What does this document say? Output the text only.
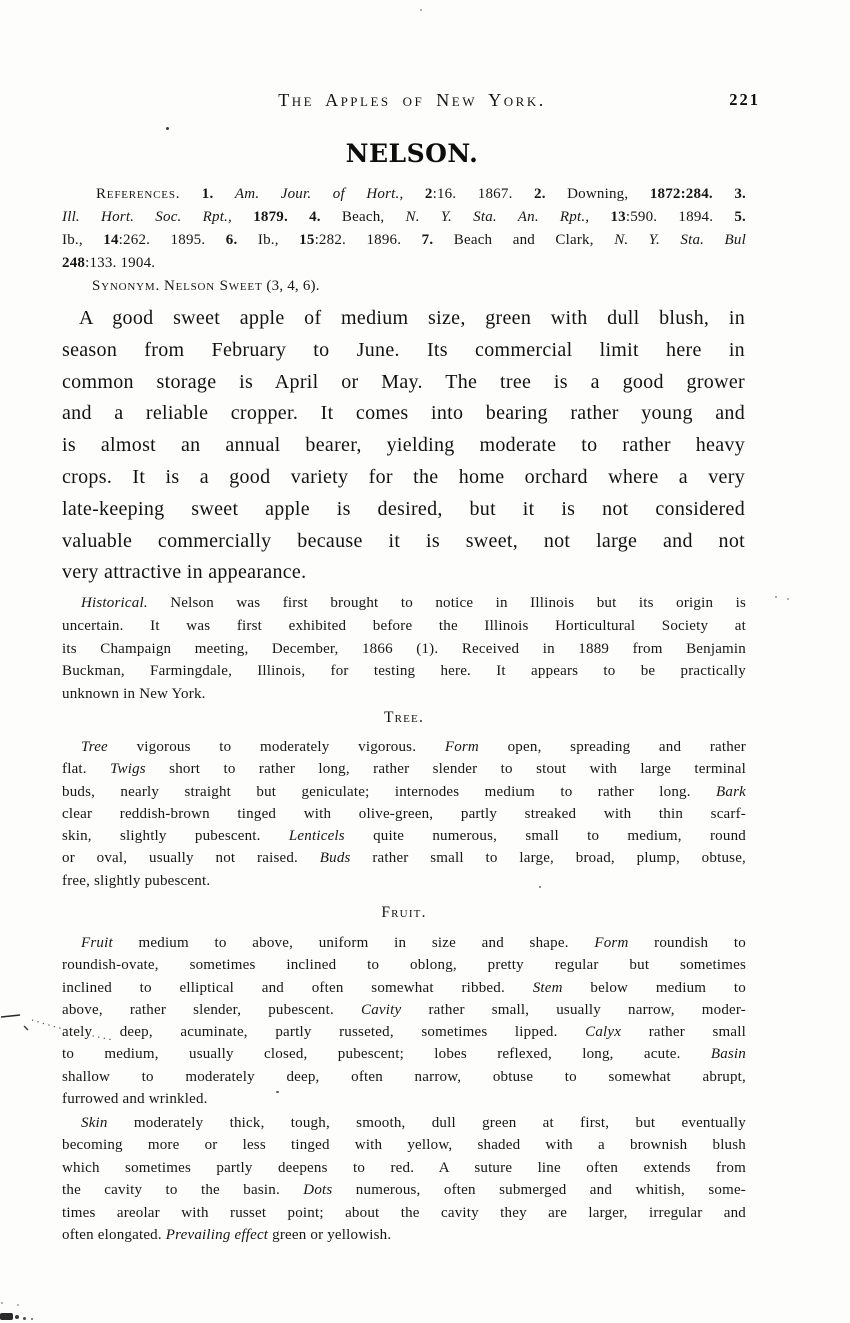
The Apples of New York.	221
NELSON.
References. 1. Am. Jour. of Hort., 2:16. 1867. 2. Downing, 1872:284. 3.
Ill. Hort. Soc. Rpt., 1879. 4. Beach, N. Y. Sta. An. Rpt., 13:590. 1894. 5.
Ib., 14:262. 1895. 6. Ib., 15:282. 1896. 7. Beach and Clark, N. Y. Sta. Bul
248:133. 1904.
Synonym. Nelson Sweet (3, 4, 6).
A good sweet apple of medium size, green with dull blush, in
season from February to June. Its commercial limit here in
common storage is April or May. The tree is a good grower
and a reliable cropper. It comes into bearing rather young and
is almost an annual bearer, yielding moderate to rather heavy
crops. It is a good variety for the home orchard where a very
late-keeping sweet apple is desired, but it is not considered
valuable commercially because it is sweet, not large and not
very attractive in appearance.
Historical. Nelson was first brought to notice in Illinois but its origin is
uncertain. It was first exhibited before the Illinois Horticultural Society at
its Champaign meeting, December, 1866 (1). Received in 1889 from Benjamin
Buckman, Farmingdale, Illinois, for testing here. It appears to be practically
unknown in New York.
Tree.
Tree vigorous to moderately vigorous. Form open, spreading and rather
flat. Twigs short to rather long, rather slender to stout with large terminal
buds, nearly straight but geniculate; internodes medium to rather long. Bark
clear reddish-brown tinged with olive-green, partly streaked with thin scarf-
skin, slightly pubescent. Lenticels quite numerous, small to medium, round
or oval, usually not raised. Buds rather small to large, broad, plump, obtuse,
free, slightly pubescent.
Fruit.
Fruit medium to above, uniform in size and shape. Form roundish to
roundish-ovate, sometimes inclined to oblong, pretty regular but sometimes
inclined to elliptical and often somewhat ribbed. Stem below medium to
above, rather slender, pubescent. Cavity rather small, usually narrow, moder-
ately deep, acuminate, partly russeted, sometimes lipped. Calyx rather small
to medium, usually closed, pubescent; lobes reflexed, long, acute. Basin
shallow to moderately deep, often narrow, obtuse to somewhat abrupt,
furrowed and wrinkled.
Skin moderately thick, tough, smooth, dull green at first, but eventually
becoming more or less tinged with yellow, shaded with a brownish blush
which sometimes partly deepens to red. A suture line often extends from
the cavity to the basin. Dots numerous, often submerged and whitish, some-
times areolar with russet point; about the cavity they are larger, irregular and
often elongated. Prevailing effect green or yellowish.
